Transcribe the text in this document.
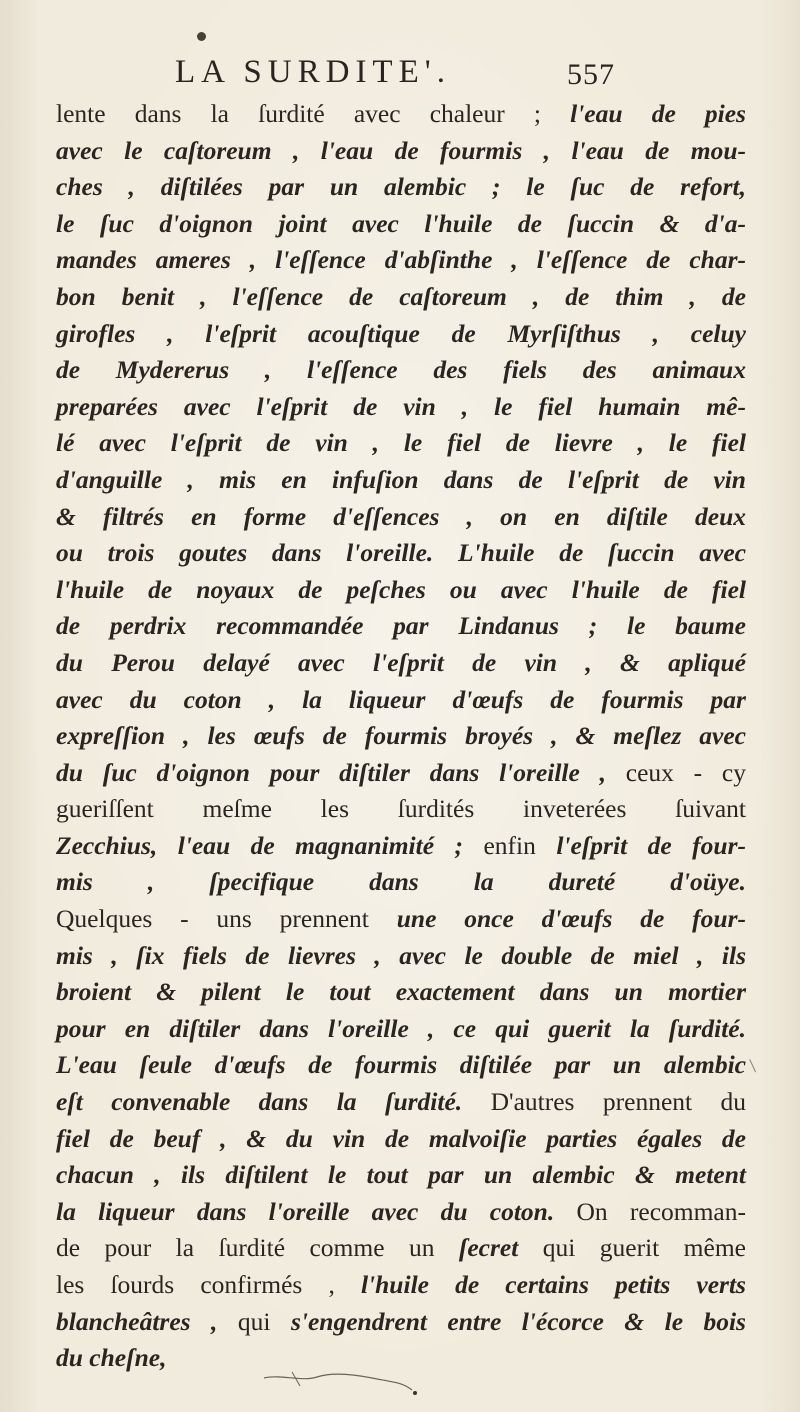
LA SURDITE'.	557
lente dans la ſurdité avec chaleur ; l'eau de pies
avec le caſtoreum , l'eau de fourmis , l'eau de mou-
ches , diſtilées par un alembic ; le ſuc de refort,
le ſuc d'oignon joint avec l'huile de ſuccin & d'a-
mandes ameres , l'eſſence d'abſinthe , l'eſſence de char-
bon benit , l'eſſence de caſtoreum , de thim , de
girofles , l'eſprit acouſtique de Myrſiſthus , celuy
de Mydererus , l'eſſence des fiels des animaux
preparées avec l'eſprit de vin , le fiel humain mê-
lé avec l'eſprit de vin , le fiel de lievre , le fiel
d'anguille , mis en infuſion dans de l'eſprit de vin
& filtrés en forme d'eſſences , on en diſtile deux
ou trois goutes dans l'oreille. L'huile de ſuccin avec
l'huile de noyaux de peſches ou avec l'huile de fiel
de perdrix recommandée par Lindanus ; le baume
du Perou delayé avec l'eſprit de vin , & apliqué
avec du coton , la liqueur d'œufs de fourmis par
expreſſion , les œufs de fourmis broyés , & meſlez avec
du ſuc d'oignon pour diſtiler dans l'oreille , ceux - cy
gueriſſent meſme les ſurdités inveterées ſuivant
Zecchius, l'eau de magnanimité ; enfin l'eſprit de four-
mis , ſpecifique dans la dureté d'oüye.
Quelques - uns prennent une once d'œufs de four-
mis , ſix fiels de lievres , avec le double de miel , ils
broient & pilent le tout exactement dans un mortier
pour en diſtiler dans l'oreille , ce qui guerit la ſurdité.
L'eau ſeule d'œufs de fourmis diſtilée par un alembic
eſt convenable dans la ſurdité. D'autres prennent du
fiel de beuf , & du vin de malvoiſie parties égales de
chacun , ils diſtilent le tout par un alembic & metent
la liqueur dans l'oreille avec du coton. On recomman-
de pour la ſurdité comme un ſecret qui guerit même
les ſourds confirmés , l'huile de certains petits verts
blancheâtres , qui s'engendrent entre l'écorce & le bois
du cheſne,
